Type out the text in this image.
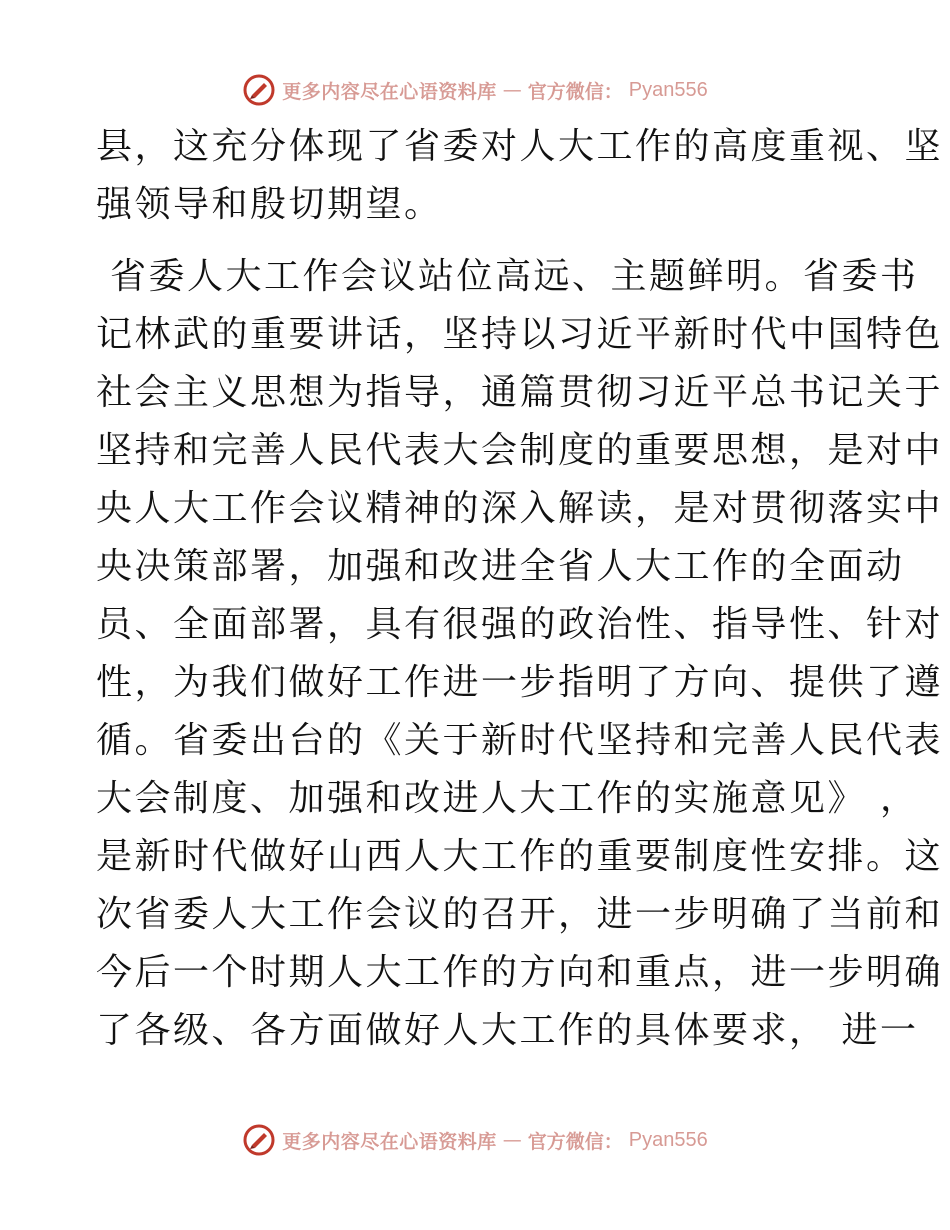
更多内容尽在心语资料库 — 官方微信： Pyan556
县，这充分体现了省委对人大工作的高度重视、坚
强领导和殷切期望。
省委人大工作会议站位高远、主题鲜明。省委书
记林武的重要讲话，坚持以习近平新时代中国特色
社会主义思想为指导，通篇贯彻习近平总书记关于
坚持和完善人民代表大会制度的重要思想，是对中
央人大工作会议精神的深入解读，是对贯彻落实中
央决策部署，加强和改进全省人大工作的全面动
员、全面部署，具有很强的政治性、指导性、针对
性，为我们做好工作进一步指明了方向、提供了遵
循。省委出台的《关于新时代坚持和完善人民代表
大会制度、加强和改进人大工作的实施意见》 ，
是新时代做好山西人大工作的重要制度性安排。这
次省委人大工作会议的召开，进一步明确了当前和
今后一个时期人大工作的方向和重点，进一步明确
了各级、各方面做好人大工作的具体要求， 进一
更多内容尽在心语资料库 — 官方微信： Pyan556
